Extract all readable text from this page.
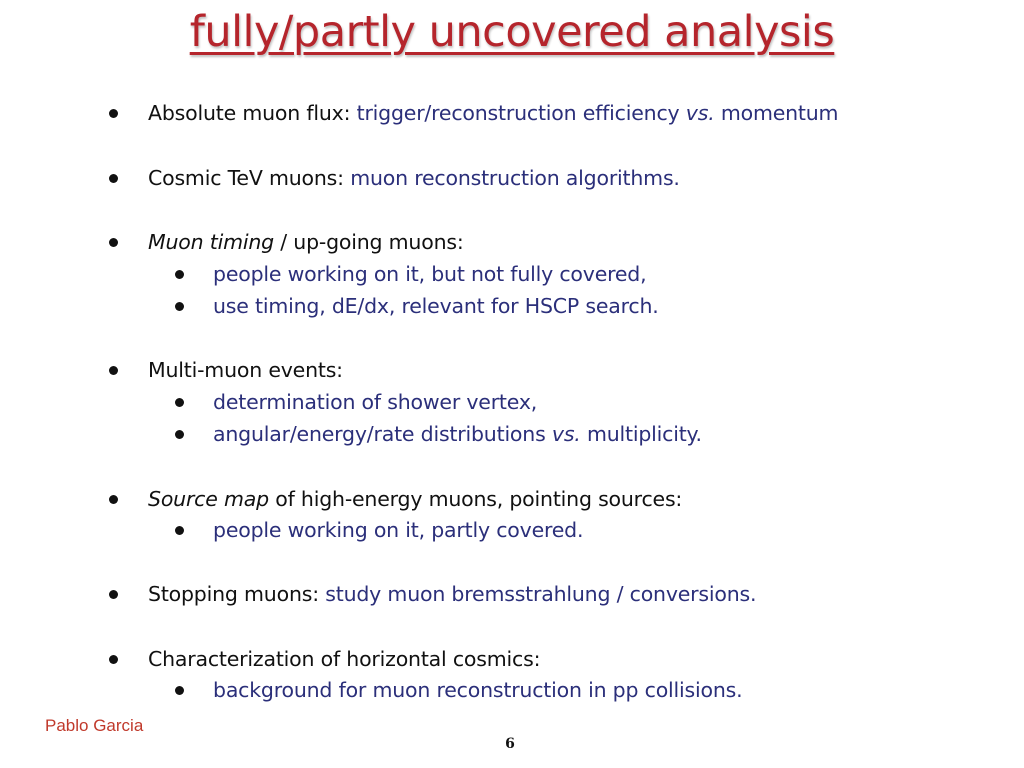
fully/partly uncovered analysis
Absolute muon flux: trigger/reconstruction efficiency vs. momentum
Cosmic TeV muons: muon reconstruction algorithms.
Muon timing / up-going muons:
people working on it, but not fully covered,
use timing, dE/dx, relevant for HSCP search.
Multi-muon events:
determination of shower vertex,
angular/energy/rate distributions vs. multiplicity.
Source map of high-energy muons, pointing sources:
people working on it, partly covered.
Stopping muons: study muon bremsstrahlung / conversions.
Characterization of horizontal cosmics:
background for muon reconstruction in pp collisions.
Pablo Garcia
6
